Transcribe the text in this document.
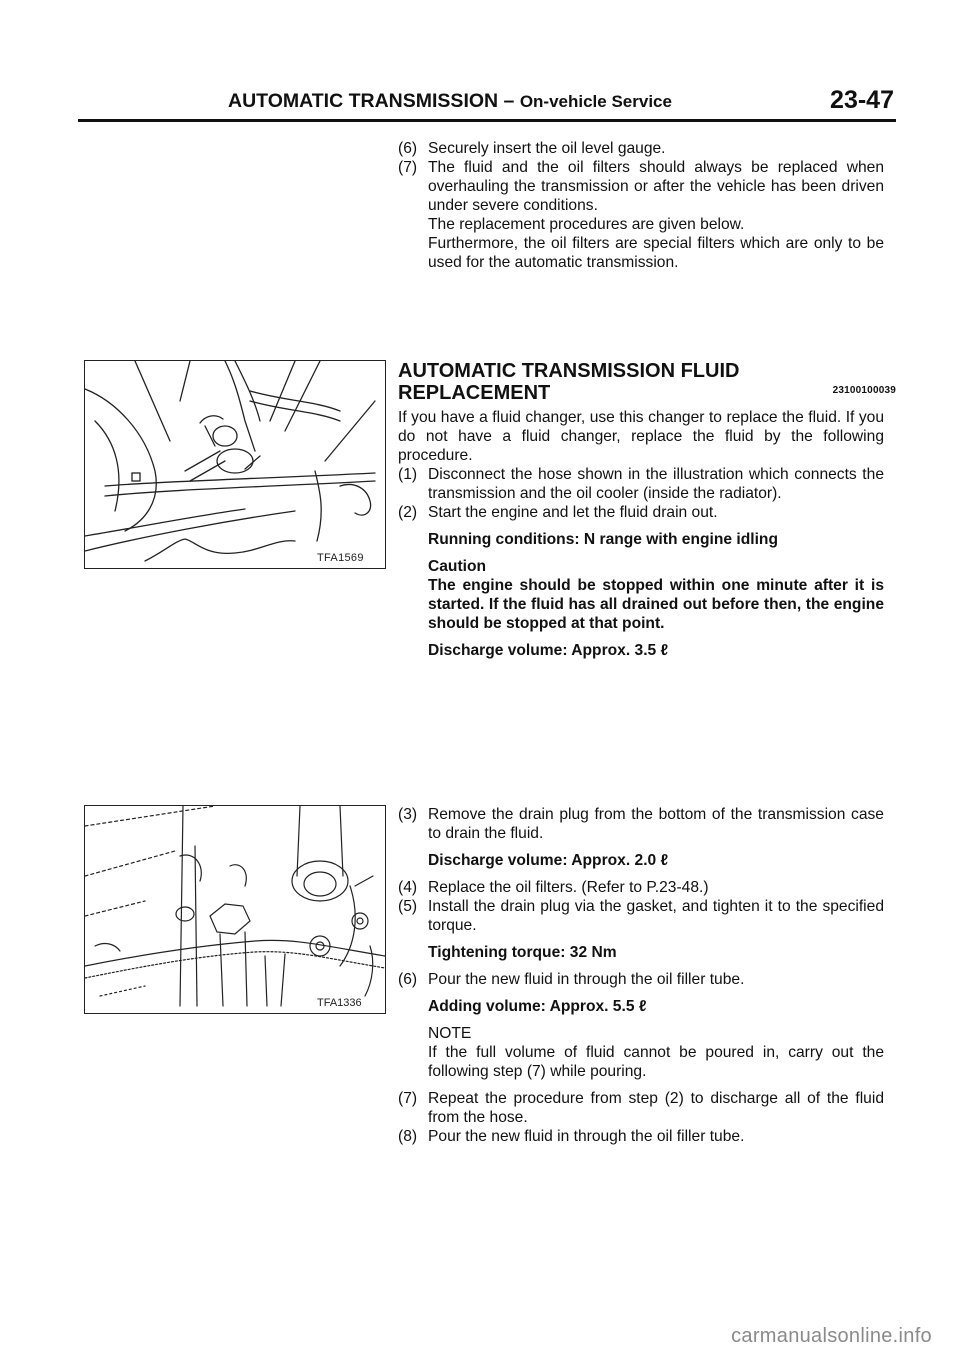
AUTOMATIC TRANSMISSION – On-vehicle Service	23-47

(6) Securely insert the oil level gauge.

(7) The fluid and the oil filters should always be replaced when overhauling the transmission or after the vehicle has been driven under severe conditions.

The replacement procedures are given below.

Furthermore, the oil filters are special filters which are only to be used for the automatic transmission.

AUTOMATIC TRANSMISSION FLUID
REPLACEMENT	23100100039

If you have a fluid changer, use this changer to replace the fluid. If you do not have a fluid changer, replace the fluid by the following procedure.

(1) Disconnect the hose shown in the illustration which connects the transmission and the oil cooler (inside the radiator).

(2) Start the engine and let the fluid drain out.

Running conditions: N range with engine idling

Caution

The engine should be stopped within one minute after it is started. If the fluid has all drained out before then, the engine should be stopped at that point.

Discharge volume: Approx. 3.5 ℓ

(3) Remove the drain plug from the bottom of the transmission case to drain the fluid.

Discharge volume: Approx. 2.0 ℓ

(4) Replace the oil filters. (Refer to P.23-48.)

(5) Install the drain plug via the gasket, and tighten it to the specified torque.

Tightening torque: 32 Nm

(6) Pour the new fluid in through the oil filler tube.

Adding volume: Approx. 5.5 ℓ

NOTE

If the full volume of fluid cannot be poured in, carry out the following step (7) while pouring.

(7) Repeat the procedure from step (2) to discharge all of the fluid from the hose.

(8) Pour the new fluid in through the oil filler tube.

TFA1569
TFA1336
carmanualsonline.info
